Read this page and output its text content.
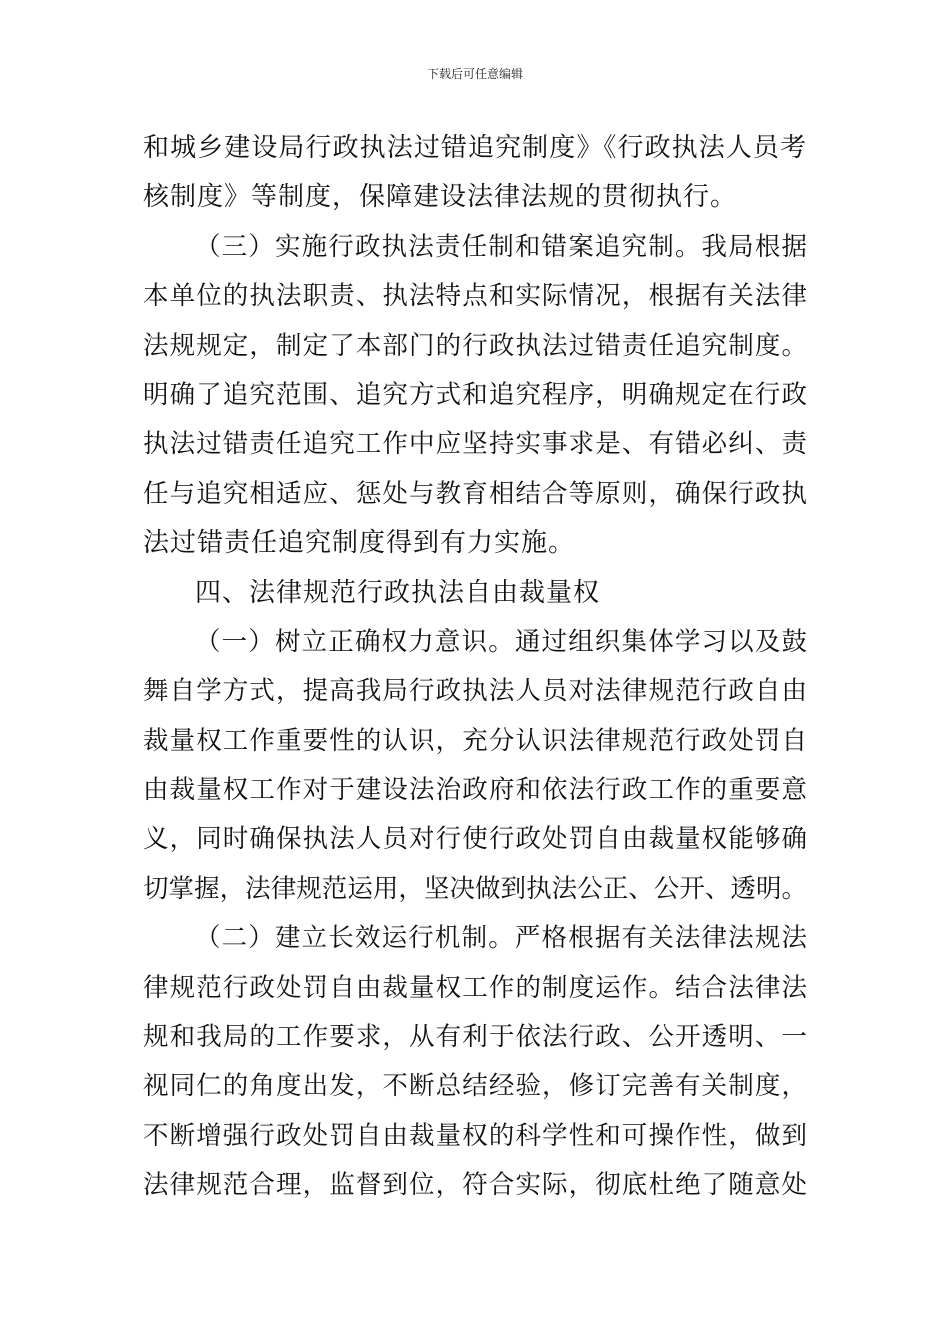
下载后可任意编辑
和城乡建设局行政执法过错追究制度》《行政执法人员考
核制度》等制度，保障建设法律法规的贯彻执行。
（三）实施行政执法责任制和错案追究制。我局根据
本单位的执法职责、执法特点和实际情况，根据有关法律
法规规定，制定了本部门的行政执法过错责任追究制度。
明确了追究范围、追究方式和追究程序，明确规定在行政
执法过错责任追究工作中应坚持实事求是、有错必纠、责
任与追究相适应、惩处与教育相结合等原则，确保行政执
法过错责任追究制度得到有力实施。
四、法律规范行政执法自由裁量权
（一）树立正确权力意识。通过组织集体学习以及鼓
舞自学方式，提高我局行政执法人员对法律规范行政自由
裁量权工作重要性的认识，充分认识法律规范行政处罚自
由裁量权工作对于建设法治政府和依法行政工作的重要意
义，同时确保执法人员对行使行政处罚自由裁量权能够确
切掌握，法律规范运用，坚决做到执法公正、公开、透明。
（二）建立长效运行机制。严格根据有关法律法规法
律规范行政处罚自由裁量权工作的制度运作。结合法律法
规和我局的工作要求，从有利于依法行政、公开透明、一
视同仁的角度出发，不断总结经验，修订完善有关制度，
不断增强行政处罚自由裁量权的科学性和可操作性，做到
法律规范合理，监督到位，符合实际，彻底杜绝了随意处
